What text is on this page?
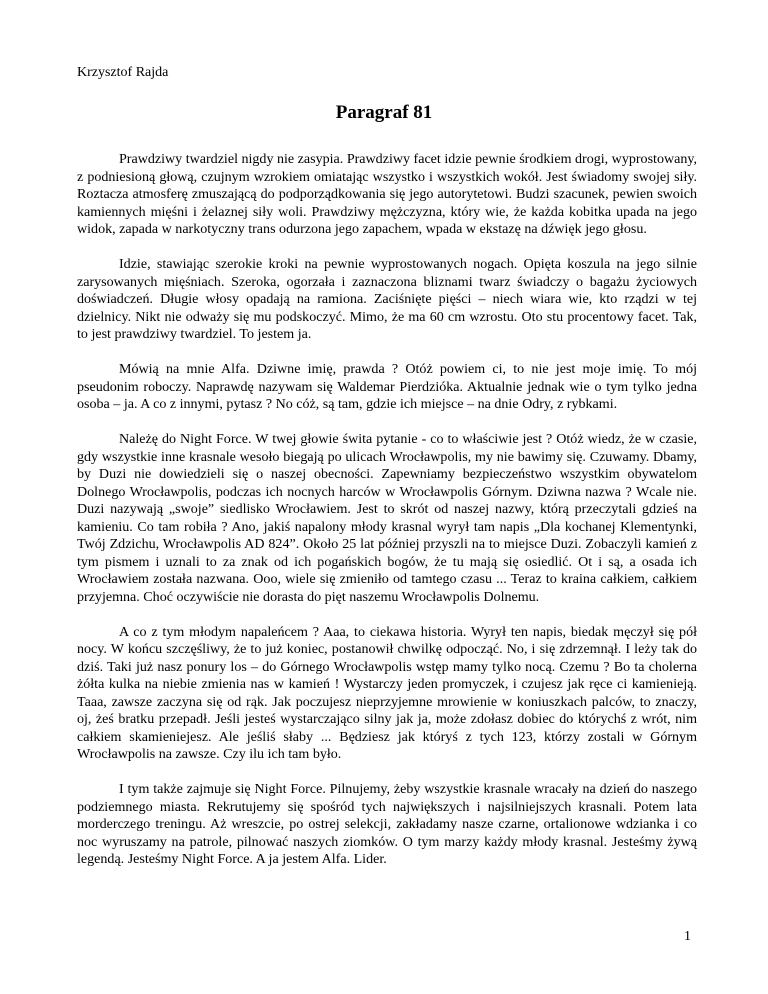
Krzysztof Rajda

Paragraf 81

Prawdziwy twardziel nigdy nie zasypia. Prawdziwy facet idzie pewnie środkiem drogi, wyprostowany, z podniesioną głową, czujnym wzrokiem omiatając wszystko i wszystkich wokół. Jest świadomy swojej siły. Roztacza atmosferę zmuszającą do podporządkowania się jego autorytetowi. Budzi szacunek, pewien swoich kamiennych mięśni i żelaznej siły woli. Prawdziwy mężczyzna, który wie, że każda kobitka upada na jego widok, zapada w narkotyczny trans odurzona jego zapachem, wpada w ekstazę na dźwięk jego głosu.

Idzie, stawiając szerokie kroki na pewnie wyprostowanych nogach. Opięta koszula na jego silnie zarysowanych mięśniach. Szeroka, ogorzała i zaznaczona bliznami twarz świadczy o bagażu życiowych doświadczeń. Długie włosy opadają na ramiona. Zaciśnięte pięści – niech wiara wie, kto rządzi w tej dzielnicy. Nikt nie odważy się mu podskoczyć. Mimo, że ma 60 cm wzrostu. Oto stu procentowy facet. Tak, to jest prawdziwy twardziel. To jestem ja.

Mówią na mnie Alfa. Dziwne imię, prawda ? Otóż powiem ci, to nie jest moje imię. To mój pseudonim roboczy. Naprawdę nazywam się Waldemar Pierdzióka. Aktualnie jednak wie o tym tylko jedna osoba – ja. A co z innymi, pytasz ? No cóż, są tam, gdzie ich miejsce – na dnie Odry, z rybkami.

Należę do Night Force. W twej głowie świta pytanie - co to właściwie jest ? Otóż wiedz, że w czasie, gdy wszystkie inne krasnale wesoło biegają po ulicach Wrocławpolis, my nie bawimy się. Czuwamy. Dbamy, by Duzi nie dowiedzieli się o naszej obecności. Zapewniamy bezpieczeństwo wszystkim obywatelom Dolnego Wrocławpolis, podczas ich nocnych harców w Wrocławpolis Górnym. Dziwna nazwa ? Wcale nie. Duzi nazywają „swoje” siedlisko Wrocławiem. Jest to skrót od naszej nazwy, którą przeczytali gdzieś na kamieniu. Co tam robiła ? Ano, jakiś napalony młody krasnal wyrył tam napis „Dla kochanej Klementynki, Twój Zdzichu, Wrocławpolis AD 824”. Około 25 lat później przyszli na to miejsce Duzi. Zobaczyli kamień z tym pismem i uznali to za znak od ich pogańskich bogów, że tu mają się osiedlić. Ot i są, a osada ich Wrocławiem została nazwana. Ooo, wiele się zmieniło od tamtego czasu ... Teraz to kraina całkiem, całkiem przyjemna. Choć oczywiście nie dorasta do pięt naszemu Wrocławpolis Dolnemu.

A co z tym młodym napaleńcem ? Aaa, to ciekawa historia. Wyrył ten napis, biedak męczył się pół nocy. W końcu szczęśliwy, że to już koniec, postanowił chwilkę odpocząć. No, i się zdrzemnął. I leży tak do dziś. Taki już nasz ponury los – do Górnego Wrocławpolis wstęp mamy tylko nocą. Czemu ? Bo ta cholerna żółta kulka na niebie zmienia nas w kamień ! Wystarczy jeden promyczek, i czujesz jak ręce ci kamienieją. Taaa, zawsze zaczyna się od rąk. Jak poczujesz nieprzyjemne mrowienie w koniuszkach palców, to znaczy, oj, żeś bratku przepadł. Jeśli jesteś wystarczająco silny jak ja, może zdołasz dobiec do którychś z wrót, nim całkiem skamieniejesz. Ale jeśliś słaby ... Będziesz jak któryś z tych 123, którzy zostali w Górnym Wrocławpolis na zawsze. Czy ilu ich tam było.

I tym także zajmuje się Night Force. Pilnujemy, żeby wszystkie krasnale wracały na dzień do naszego podziemnego miasta. Rekrutujemy się spośród tych największych i najsilniejszych krasnali. Potem lata morderczego treningu. Aż wreszcie, po ostrej selekcji, zakładamy nasze czarne, ortalionowe wdzianka i co noc wyruszamy na patrole, pilnować naszych ziomków. O tym marzy każdy młody krasnal. Jesteśmy żywą legendą. Jesteśmy Night Force. A ja jestem Alfa. Lider.

1
